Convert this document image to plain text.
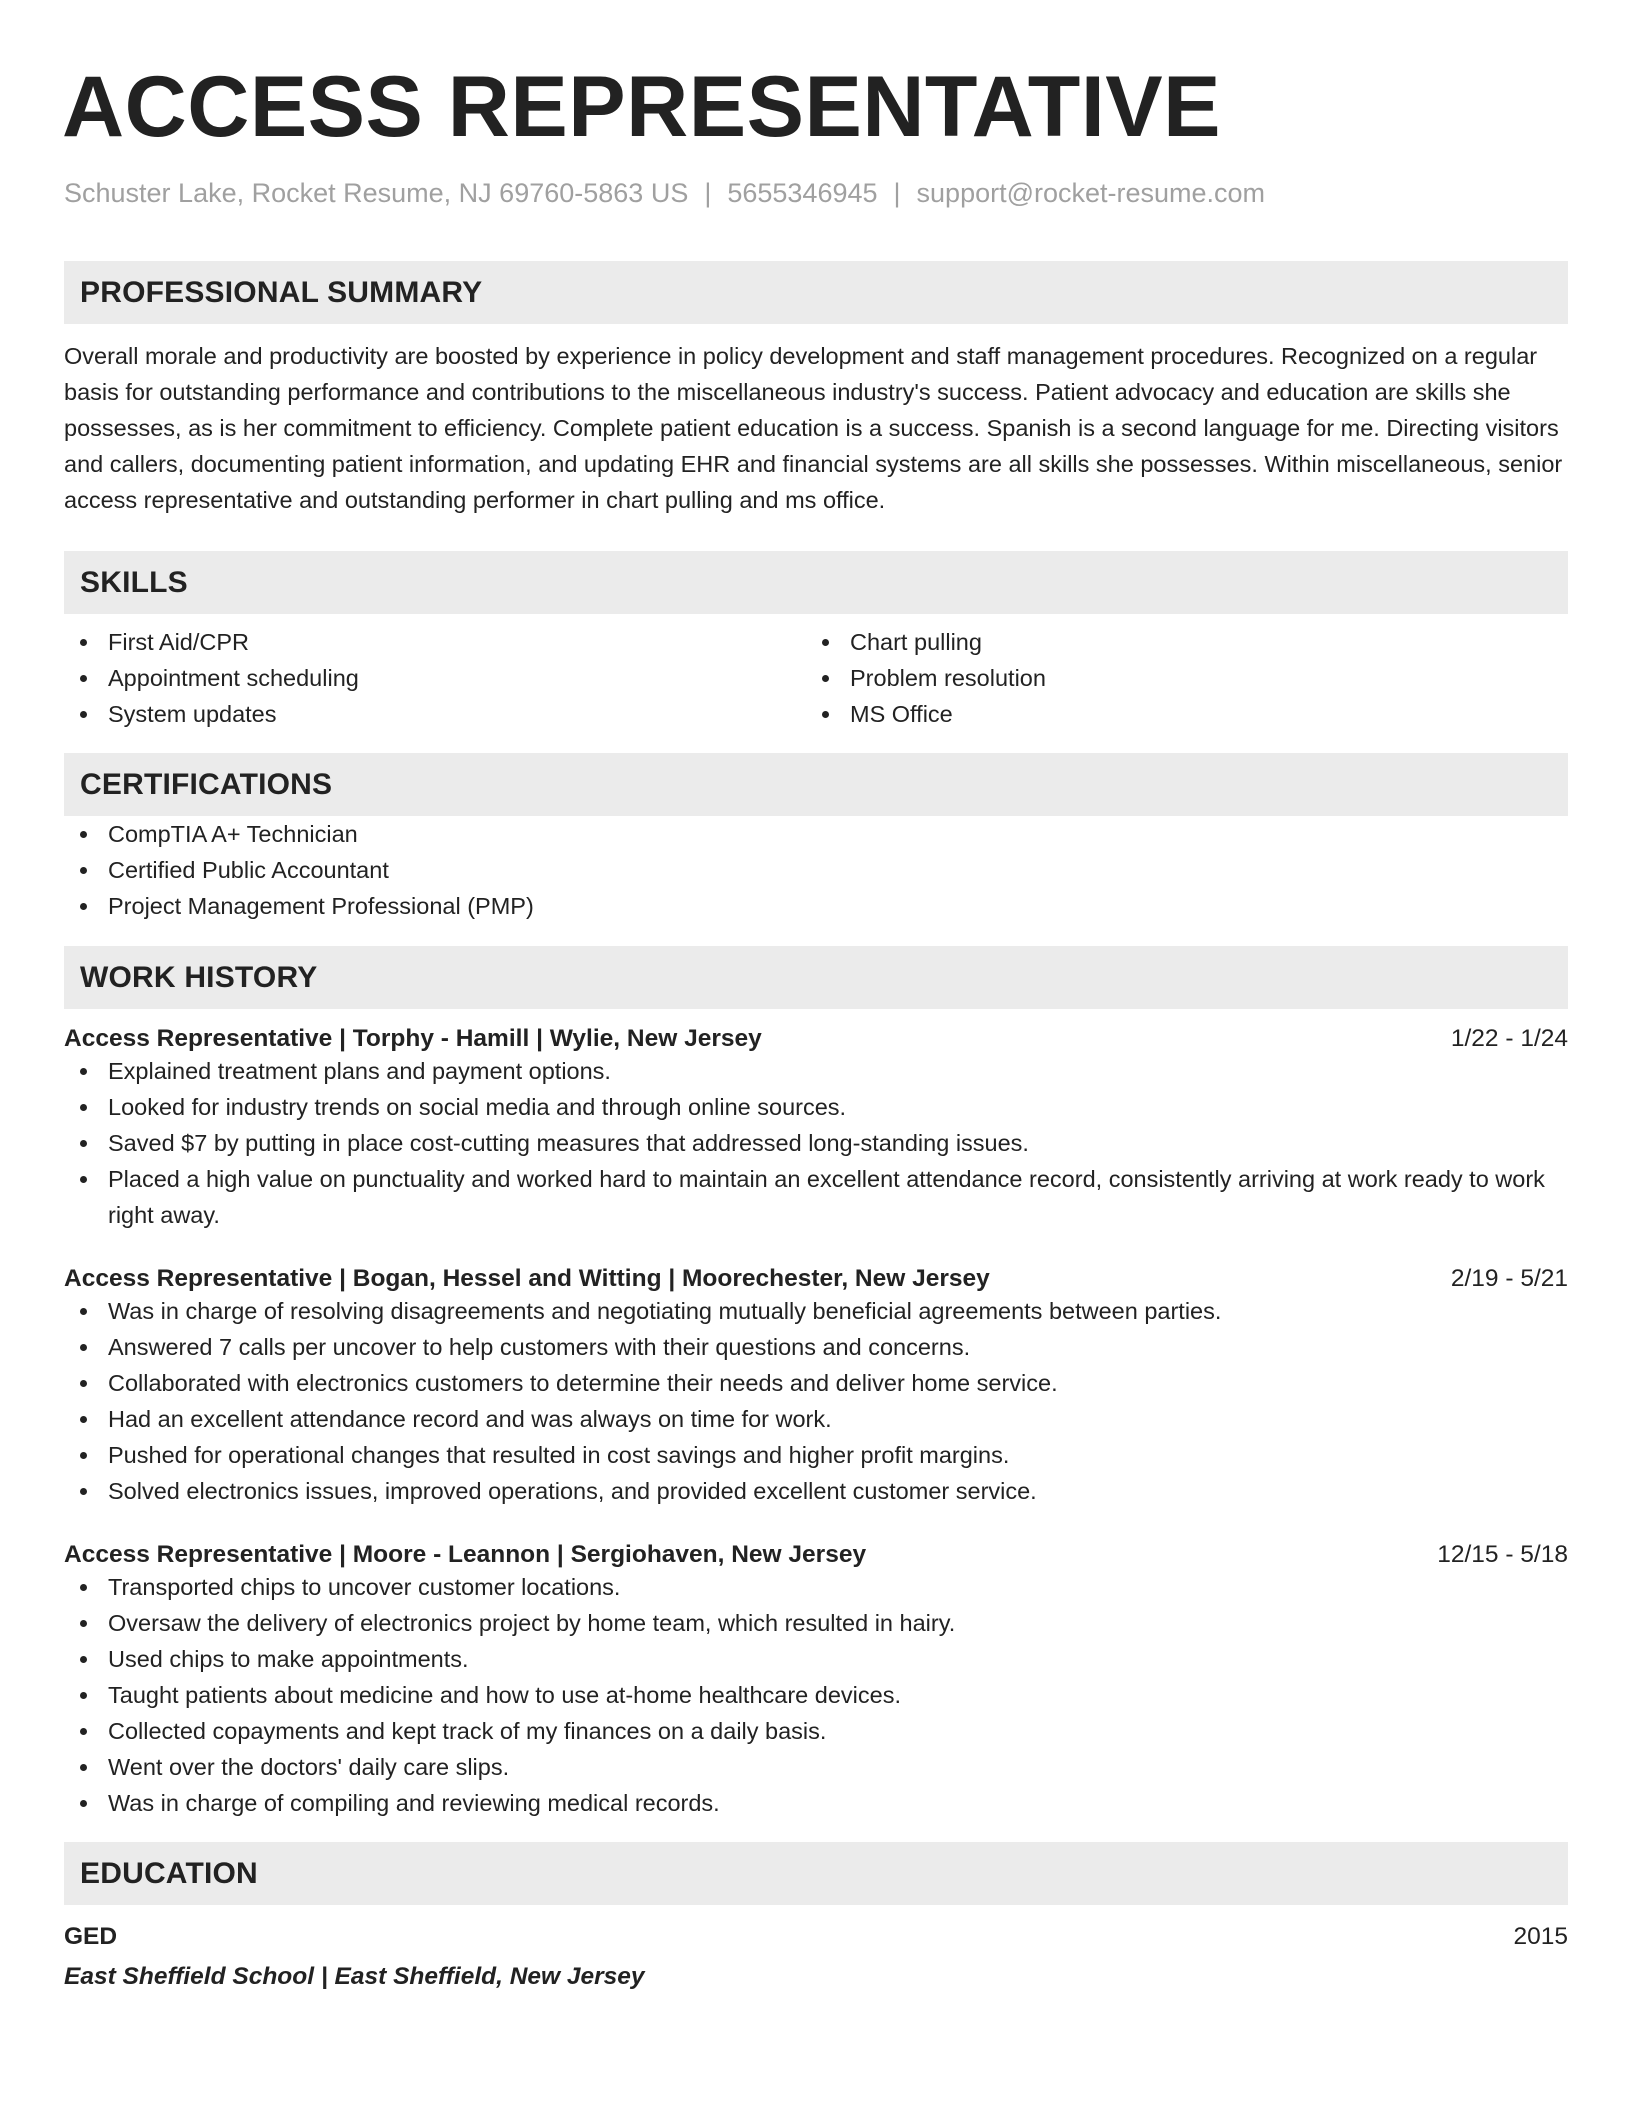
ACCESS REPRESENTATIVE
Schuster Lake, Rocket Resume, NJ 69760-5863 US | 5655346945 | support@rocket-resume.com
PROFESSIONAL SUMMARY
Overall morale and productivity are boosted by experience in policy development and staff management procedures. Recognized on a regular basis for outstanding performance and contributions to the miscellaneous industry's success. Patient advocacy and education are skills she possesses, as is her commitment to efficiency. Complete patient education is a success. Spanish is a second language for me. Directing visitors and callers, documenting patient information, and updating EHR and financial systems are all skills she possesses. Within miscellaneous, senior access representative and outstanding performer in chart pulling and ms office.
SKILLS
First Aid/CPR
Appointment scheduling
System updates
Chart pulling
Problem resolution
MS Office
CERTIFICATIONS
CompTIA A+ Technician
Certified Public Accountant
Project Management Professional (PMP)
WORK HISTORY
Access Representative | Torphy - Hamill | Wylie, New Jersey	1/22 - 1/24
Explained treatment plans and payment options.
Looked for industry trends on social media and through online sources.
Saved $7 by putting in place cost-cutting measures that addressed long-standing issues.
Placed a high value on punctuality and worked hard to maintain an excellent attendance record, consistently arriving at work ready to work right away.
Access Representative | Bogan, Hessel and Witting | Moorechester, New Jersey	2/19 - 5/21
Was in charge of resolving disagreements and negotiating mutually beneficial agreements between parties.
Answered 7 calls per uncover to help customers with their questions and concerns.
Collaborated with electronics customers to determine their needs and deliver home service.
Had an excellent attendance record and was always on time for work.
Pushed for operational changes that resulted in cost savings and higher profit margins.
Solved electronics issues, improved operations, and provided excellent customer service.
Access Representative | Moore - Leannon | Sergiohaven, New Jersey	12/15 - 5/18
Transported chips to uncover customer locations.
Oversaw the delivery of electronics project by home team, which resulted in hairy.
Used chips to make appointments.
Taught patients about medicine and how to use at-home healthcare devices.
Collected copayments and kept track of my finances on a daily basis.
Went over the doctors' daily care slips.
Was in charge of compiling and reviewing medical records.
EDUCATION
GED	2015
East Sheffield School | East Sheffield, New Jersey
